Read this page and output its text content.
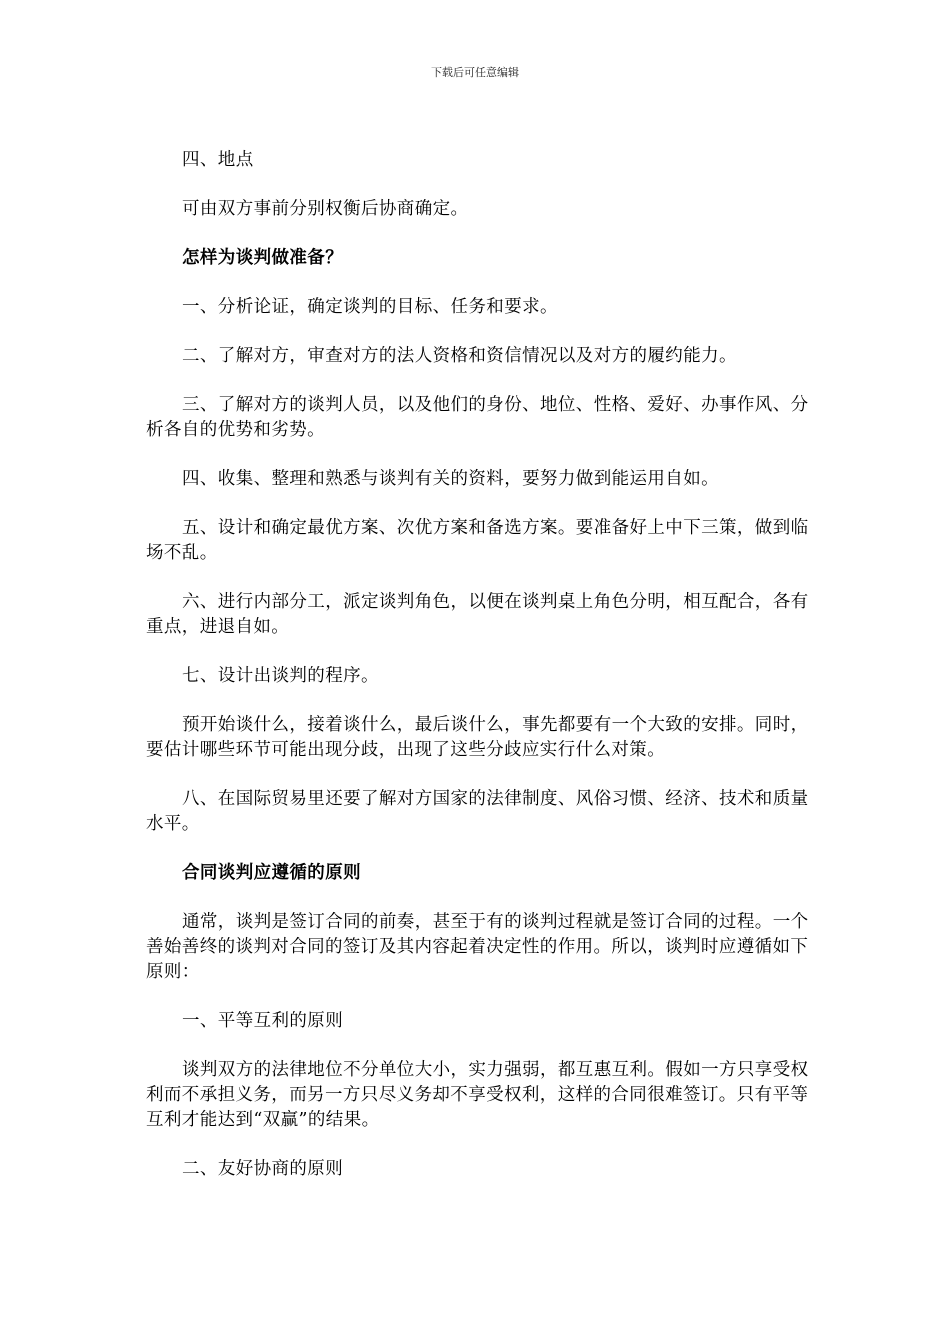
下载后可任意编辑

四、地点

可由双方事前分别权衡后协商确定。

怎样为谈判做准备？

一、分析论证，确定谈判的目标、任务和要求。

二、了解对方，审查对方的法人资格和资信情况以及对方的履约能力。

三、了解对方的谈判人员，以及他们的身份、地位、性格、爱好、办事作风、分析各自的优势和劣势。

四、收集、整理和熟悉与谈判有关的资料，要努力做到能运用自如。

五、设计和确定最优方案、次优方案和备选方案。要准备好上中下三策，做到临场不乱。

六、进行内部分工，派定谈判角色，以便在谈判桌上角色分明，相互配合，各有重点，进退自如。

七、设计出谈判的程序。

预开始谈什么，接着谈什么，最后谈什么，事先都要有一个大致的安排。同时，要估计哪些环节可能出现分歧，出现了这些分歧应实行什么对策。

八、在国际贸易里还要了解对方国家的法律制度、风俗习惯、经济、技术和质量水平。

合同谈判应遵循的原则

通常，谈判是签订合同的前奏，甚至于有的谈判过程就是签订合同的过程。一个善始善终的谈判对合同的签订及其内容起着决定性的作用。所以，谈判时应遵循如下原则：

一、平等互利的原则

谈判双方的法律地位不分单位大小，实力强弱，都互惠互利。假如一方只享受权利而不承担义务，而另一方只尽义务却不享受权利，这样的合同很难签订。只有平等互利才能达到“双赢”的结果。

二、友好协商的原则
